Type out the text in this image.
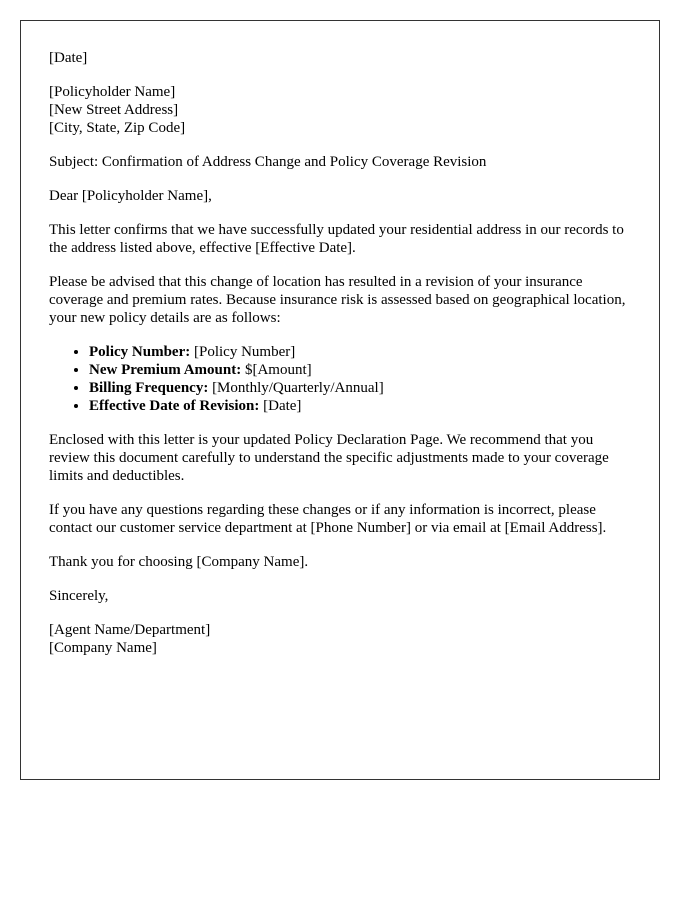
[Date]

[Policyholder Name]
[New Street Address]
[City, State, Zip Code]

Subject: Confirmation of Address Change and Policy Coverage Revision

Dear [Policyholder Name],

This letter confirms that we have successfully updated your residential address in our records to the address listed above, effective [Effective Date].

Please be advised that this change of location has resulted in a revision of your insurance coverage and premium rates. Because insurance risk is assessed based on geographical location, your new policy details are as follows:

• Policy Number: [Policy Number]
• New Premium Amount: $[Amount]
• Billing Frequency: [Monthly/Quarterly/Annual]
• Effective Date of Revision: [Date]

Enclosed with this letter is your updated Policy Declaration Page. We recommend that you review this document carefully to understand the specific adjustments made to your coverage limits and deductibles.

If you have any questions regarding these changes or if any information is incorrect, please contact our customer service department at [Phone Number] or via email at [Email Address].

Thank you for choosing [Company Name].

Sincerely,

[Agent Name/Department]
[Company Name]
